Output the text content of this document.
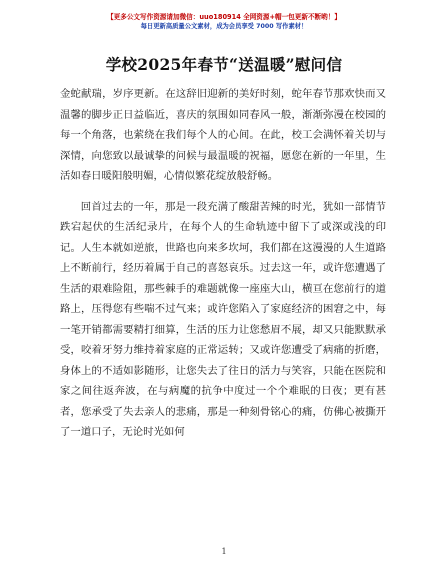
【更多公文写作资源请加微信：uuo180914 全网资源+帽一包更新不断哟！】
每日更新高质量公文素材，成为会员享受 7000 写作素材！
学校2025年春节“送温暖”慰问信

金蛇献瑞，岁序更新。在这辞旧迎新的美好时刻，蛇年春节那欢快而又温馨的脚步正日益临近，喜庆的氛围如同春风一般，渐渐弥漫在校园的每一个角落，也萦绕在我们每个人的心间。在此，校工会满怀着关切与深情，向您致以最诚挚的问候与最温暖的祝福，愿您在新的一年里，生活如春日暖阳般明媚，心情似繁花绽放般舒畅。

回首过去的一年，那是一段充满了酸甜苦辣的时光，犹如一部情节跌宕起伏的生活纪录片，在每个人的生命轨迹中留下了或深或浅的印记。人生本就如逆旅，世路也向来多坎坷，我们都在这漫漫的人生道路上不断前行，经历着属于自己的喜怒哀乐。过去这一年，或许您遭遇了生活的艰难险阻，那些棘手的难题就像一座座大山，横亘在您前行的道路上，压得您有些喘不过气来；或许您陷入了家庭经济的困窘之中，每一笔开销都需要精打细算，生活的压力让您愁眉不展，却又只能默默承受，咬着牙努力维持着家庭的正常运转；又或许您遭受了病痛的折磨，身体上的不适如影随形，让您失去了往日的活力与笑容，只能在医院和家之间往返奔波，在与病魔的抗争中度过一个个难眠的日夜；更有甚者，您承受了失去亲人的悲痛，那是一种刻骨铭心的痛，仿佛心被撕开了一道口子，无论时光如何

1
